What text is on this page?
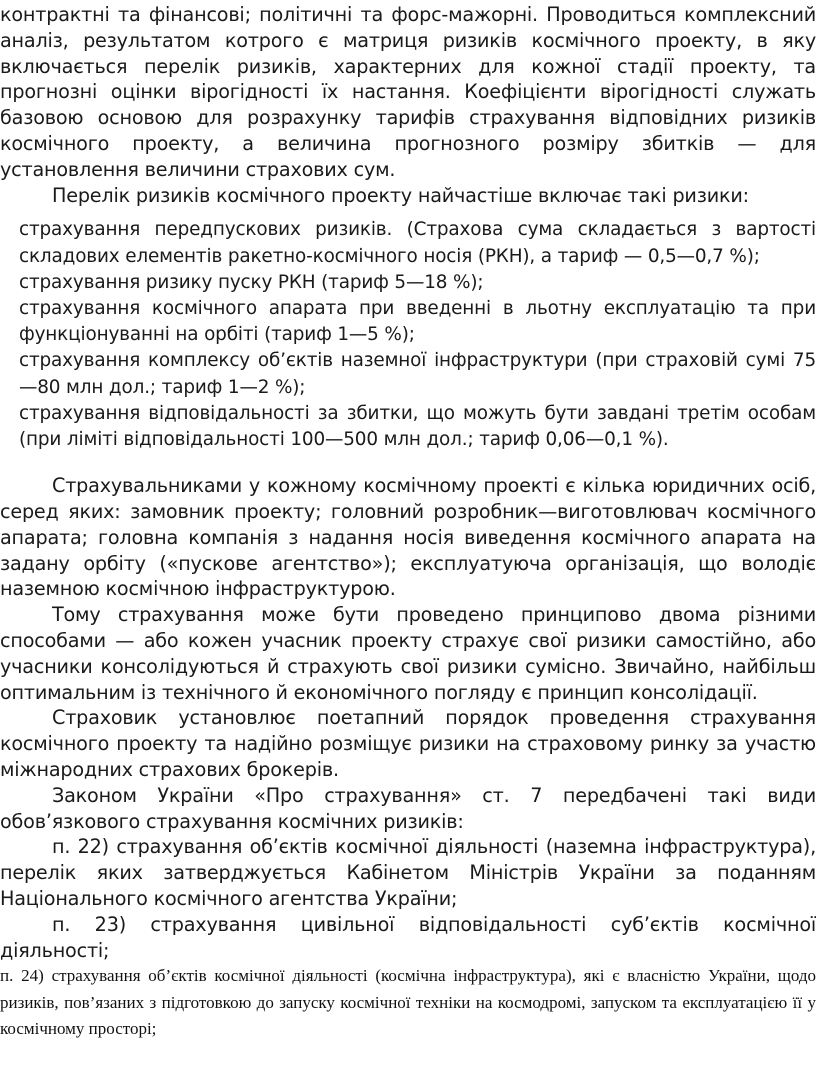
контрактні та фінансові; політичні та форс-мажорні. Проводиться комплексний аналіз, результатом котрого є матриця ризиків космічного проекту, в яку включається перелік ризиків, характерних для кожної стадії проекту, та прогнозні оцінки вірогідності їх настання. Коефіцієнти вірогідності служать базовою основою для розрахунку тарифів страхування відповідних ризиків космічного проекту, а величина прогнозного розміру збитків — для установлення величини страхових сум.

Перелік ризиків космічного проекту найчастіше включає такі ризики:

страхування передпускових ризиків. (Страхова сума складається з вартості складових елементів ракетно-космічного носія (РКН), а тариф — 0,5—0,7 %);
страхування ризику пуску РКН (тариф 5—18 %);
страхування космічного апарата при введенні в льотну експлуатацію та при функціонуванні на орбіті (тариф 1—5 %);
страхування комплексу об’єктів наземної інфраструктури (при страховій сумі 75—80 млн дол.; тариф 1—2 %);
страхування відповідальності за збитки, що можуть бути завдані третім особам (при ліміті відповідальності 100—500 млн дол.; тариф 0,06—0,1 %).

Страхувальниками у кожному космічному проекті є кілька юридичних осіб, серед яких: замовник проекту; головний розробник—виготовлювач космічного апарата; головна компанія з надання носія виведення космічного апарата на задану орбіту («пускове агентство»); експлуатуюча організація, що володіє наземною космічною інфраструктурою.

Тому страхування може бути проведено принципово двома різними способами — або кожен учасник проекту страхує свої ризики самостійно, або учасники консолідуються й страхують свої ризики сумісно. Звичайно, найбільш оптимальним із технічного й економічного погляду є принцип консолідації.

Страховик установлює поетапний порядок проведення страхування космічного проекту та надійно розміщує ризики на страховому ринку за участю міжнародних страхових брокерів.

Законом України «Про страхування» ст. 7 передбачені такі види обов’язкового страхування космічних ризиків:

п. 22) страхування об’єктів космічної діяльності (наземна інфраструктура), перелік яких затверджується Кабінетом Міністрів України за поданням Національного космічного агентства України;

п. 23) страхування цивільної відповідальності суб’єктів космічної діяльності;

п. 24) страхування об’єктів космічної діяльності (космічна інфраструктура), які є власністю України, щодо ризиків, пов’язаних з підготовкою до запуску космічної техніки на космодромі, запуском та експлуатацією її у космічному просторі;
